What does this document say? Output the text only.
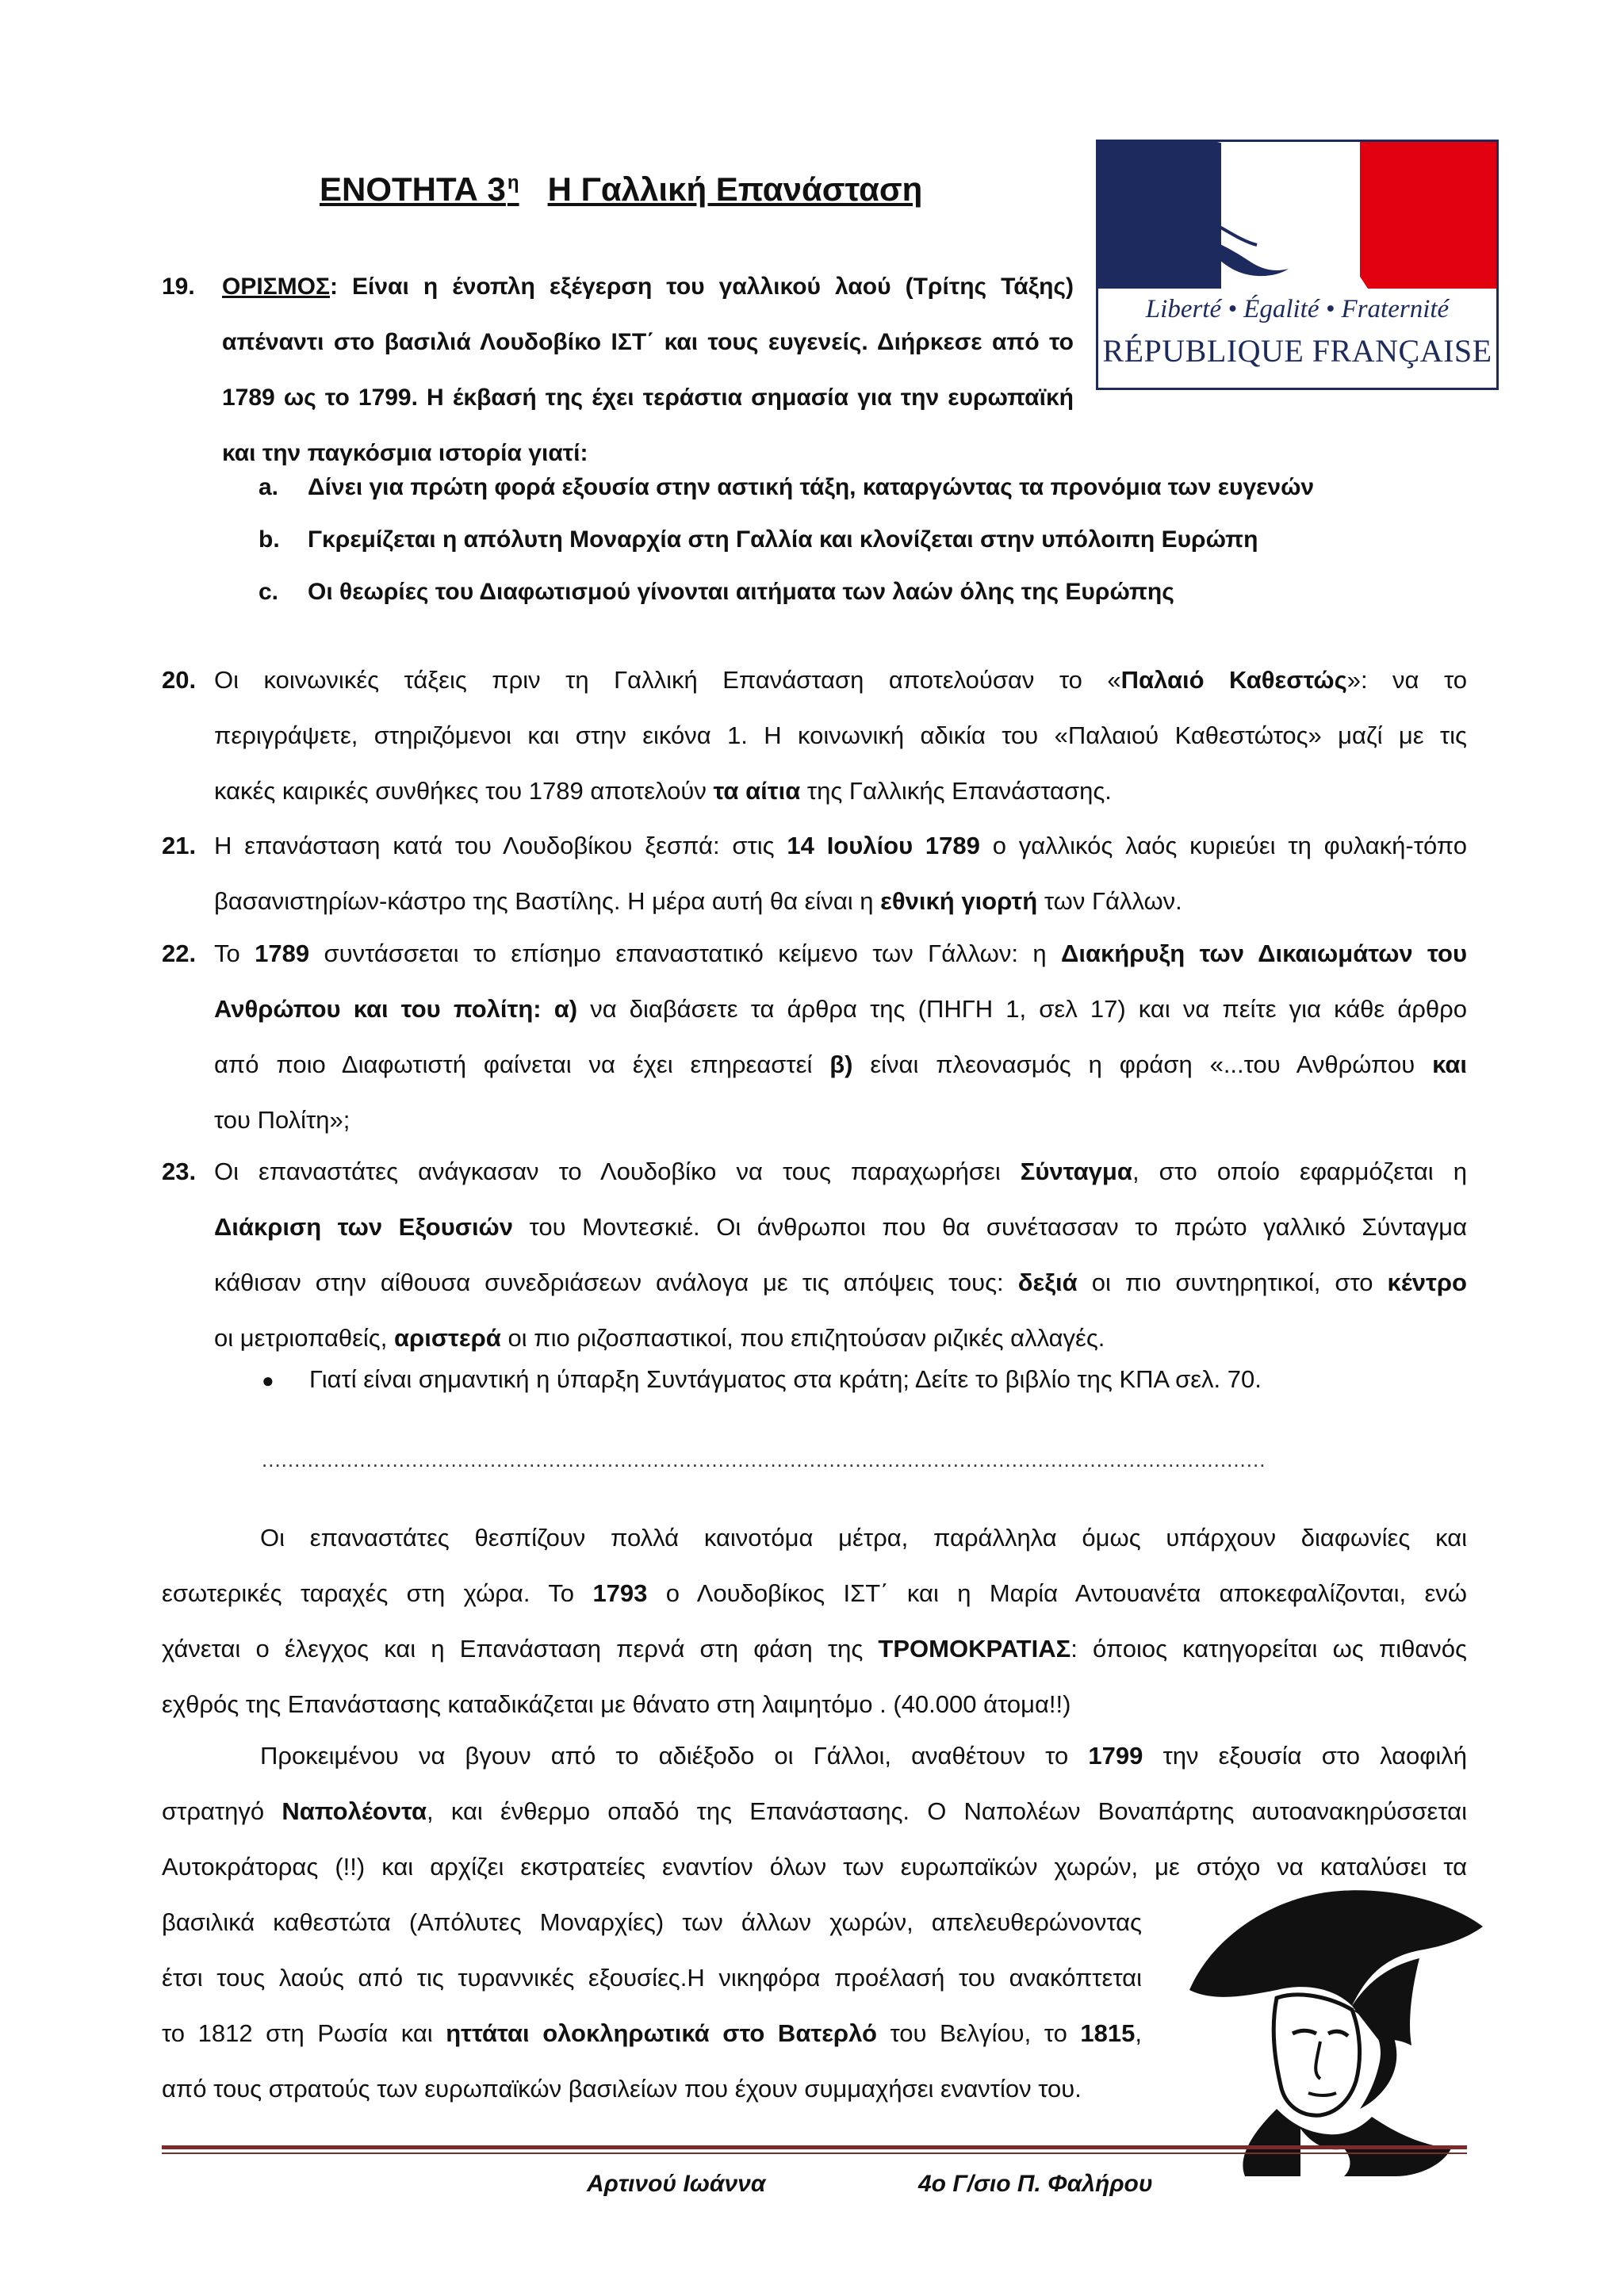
ΕΝΟΤΗΤΑ $3^\eta$ Η Γαλλική Επανάσταση
Liberté • Égalité • Fraternité
RÉPUBLIQUE FRANÇAISE
19. ΟΡΙΣΜΟΣ: Είναι η ένοπλη εξέγερση του γαλλικού λαού (Τρίτης Τάξης) απέναντι στο βασιλιά Λουδοβίκο ΙΣΤ΄ και τους ευγενείς. Διήρκεσε από το 1789 ως το 1799. Η έκβασή της έχει τεράστια σημασία για την ευρωπαϊκή και την παγκόσμια ιστορία γιατί:
a. Δίνει για πρώτη φορά εξουσία στην αστική τάξη, καταργώντας τα προνόμια των ευγενών
b. Γκρεμίζεται η απόλυτη Μοναρχία στη Γαλλία και κλονίζεται στην υπόλοιπη Ευρώπη
c. Οι θεωρίες του Διαφωτισμού γίνονται αιτήματα των λαών όλης της Ευρώπης
20. Οι κοινωνικές τάξεις πριν τη Γαλλική Επανάσταση αποτελούσαν το «Παλαιό Καθεστώς»: να το
περιγράψετε, στηριζόμενοι και στην εικόνα 1. Η κοινωνική αδικία του «Παλαιού Καθεστώτος» μαζί με τις
κακές καιρικές συνθήκες του 1789 αποτελούν τα αίτια της Γαλλικής Επανάστασης.
21. Η επανάσταση κατά του Λουδοβίκου ξεσπά: στις 14 Ιουλίου 1789 ο γαλλικός λαός κυριεύει τη φυλακή-τόπο
βασανιστηρίων-κάστρο της Βαστίλης. Η μέρα αυτή θα είναι η εθνική γιορτή των Γάλλων.
22. Το 1789 συντάσσεται το επίσημο επαναστατικό κείμενο των Γάλλων: η Διακήρυξη των Δικαιωμάτων του
Ανθρώπου και του πολίτη: α) να διαβάσετε τα άρθρα της (ΠΗΓΗ 1, σελ 17) και να πείτε για κάθε άρθρο
από ποιο Διαφωτιστή φαίνεται να έχει επηρεαστεί β) είναι πλεονασμός η φράση «...του Ανθρώπου και
του Πολίτη»;
23. Οι επαναστάτες ανάγκασαν το Λουδοβίκο να τους παραχωρήσει Σύνταγμα, στο οποίο εφαρμόζεται η
Διάκριση των Εξουσιών του Μοντεσκιέ. Οι άνθρωποι που θα συνέτασσαν το πρώτο γαλλικό Σύνταγμα
κάθισαν στην αίθουσα συνεδριάσεων ανάλογα με τις απόψεις τους: δεξιά οι πιο συντηρητικοί, στο κέντρο
οι μετριοπαθείς, αριστερά οι πιο ριζοσπαστικοί, που επιζητούσαν ριζικές αλλαγές.
● Γιατί είναι σημαντική η ύπαρξη Συντάγματος στα κράτη; Δείτε το βιβλίο της ΚΠΑ σελ. 70.
..........................................................................................................................................................
Οι επαναστάτες θεσπίζουν πολλά καινοτόμα μέτρα, παράλληλα όμως υπάρχουν διαφωνίες και
εσωτερικές ταραχές στη χώρα. Το 1793 ο Λουδοβίκος ΙΣΤ΄ και η Μαρία Αντουανέτα αποκεφαλίζονται, ενώ
χάνεται ο έλεγχος και η Επανάσταση περνά στη φάση της ΤΡΟΜΟΚΡΑΤΙΑΣ: όποιος κατηγορείται ως πιθανός
εχθρός της Επανάστασης καταδικάζεται με θάνατο στη λαιμητόμο . (40.000 άτομα!!)
Προκειμένου να βγουν από το αδιέξοδο οι Γάλλοι, αναθέτουν το 1799 την εξουσία στο λαοφιλή
στρατηγό Ναπολέοντα, και ένθερμο οπαδό της Επανάστασης. Ο Ναπολέων Βοναπάρτης αυτοανακηρύσσεται
Αυτοκράτορας (!!) και αρχίζει εκστρατείες εναντίον όλων των ευρωπαϊκών χωρών, με στόχο να καταλύσει τα
βασιλικά καθεστώτα (Απόλυτες Μοναρχίες) των άλλων χωρών, απελευθερώνοντας
έτσι τους λαούς από τις τυραννικές εξουσίες.Η νικηφόρα προέλασή του ανακόπτεται
το 1812 στη Ρωσία και ηττάται ολοκληρωτικά στο Βατερλό του Βελγίου, το 1815,
από τους στρατούς των ευρωπαϊκών βασιλείων που έχουν συμμαχήσει εναντίον του.
Αρτινού Ιωάννα	4ο Γ/σιο Π. Φαλήρου
